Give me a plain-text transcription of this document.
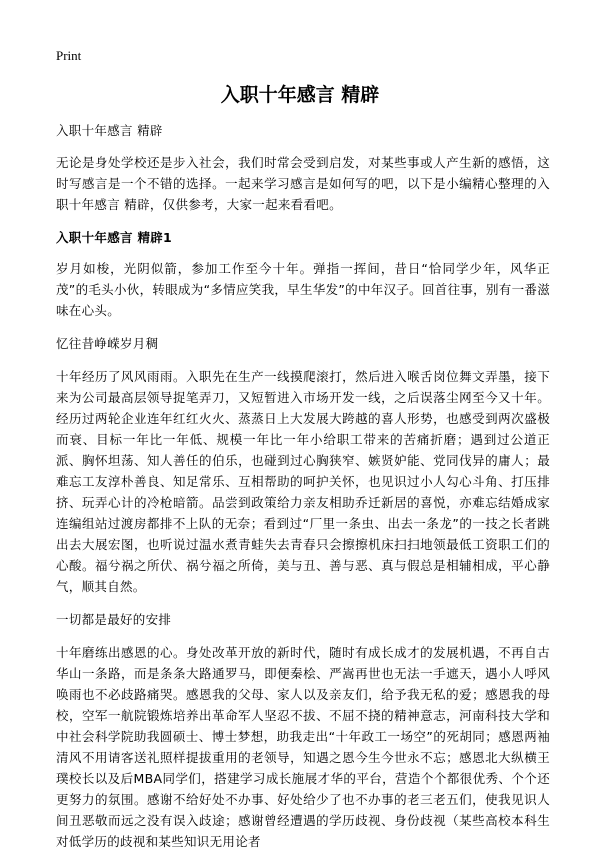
Print
入职十年感言 精辟

入职十年感言 精辟

无论是身处学校还是步入社会，我们时常会受到启发，对某些事或人产生新的感悟，这时写感言是一个不错的选择。一起来学习感言是如何写的吧，以下是小编精心整理的入职十年感言 精辟，仅供参考，大家一起来看看吧。

入职十年感言 精辟1

岁月如梭，光阴似箭，参加工作至今十年。弹指一挥间，昔日“恰同学少年，风华正茂”的毛头小伙，转眼成为“多情应笑我，早生华发”的中年汉子。回首往事，别有一番滋味在心头。

忆往昔峥嵘岁月稠

十年经历了风风雨雨。入职先在生产一线摸爬滚打，然后进入喉舌岗位舞文弄墨，接下来为公司最高层领导捉笔弄刀，又短暂进入市场开发一线，之后误落尘网至今又十年。经历过两轮企业连年红红火火、蒸蒸日上大发展大跨越的喜人形势，也感受到两次盛极而衰、目标一年比一年低、规模一年比一年小给职工带来的苦痛折磨；遇到过公道正派、胸怀坦荡、知人善任的伯乐，也碰到过心胸狭窄、嫉贤妒能、党同伐异的庸人；最难忘工友淳朴善良、知足常乐、互相帮助的呵护关怀，也见识过小人勾心斗角、打压排挤、玩弄心计的冷枪暗箭。品尝到政策给力亲友相助乔迁新居的喜悦，亦难忘结婚成家连编组站过渡房都排不上队的无奈；看到过“厂里一条虫、出去一条龙”的一技之长者跳出去大展宏图，也听说过温水煮青蛙失去青春只会擦擦机床扫扫地领最低工资职工们的心酸。福兮祸之所伏、祸兮福之所倚，美与丑、善与恶、真与假总是相辅相成，平心静气，顺其自然。

一切都是最好的安排

十年磨练出感恩的心。身处改革开放的新时代，随时有成长成才的发展机遇，不再自古华山一条路，而是条条大路通罗马，即便秦桧、严嵩再世也无法一手遮天，遇小人呼风唤雨也不必歧路痛哭。感恩我的父母、家人以及亲友们，给予我无私的爱；感恩我的母校，空军一航院锻炼培养出革命军人坚忍不拔、不屈不挠的精神意志，河南科技大学和中社会科学院助我圆硕士、博士梦想，助我走出“十年政工一场空”的死胡同；感恩两袖清风不用请客送礼照样提拔重用的老领导，知遇之恩今生今世永不忘；感恩北大纵横王璞校长以及后MBA同学们，搭建学习成长施展才华的平台，营造个个都很优秀、个个还更努力的氛围。感谢不给好处不办事、好处给少了也不办事的老三老五们，使我见识人间丑恶敬而远之没有误入歧途；感谢曾经遭遇的学历歧视、身份歧视（某些高校本科生对低学历的歧视和某些知识无用论者
